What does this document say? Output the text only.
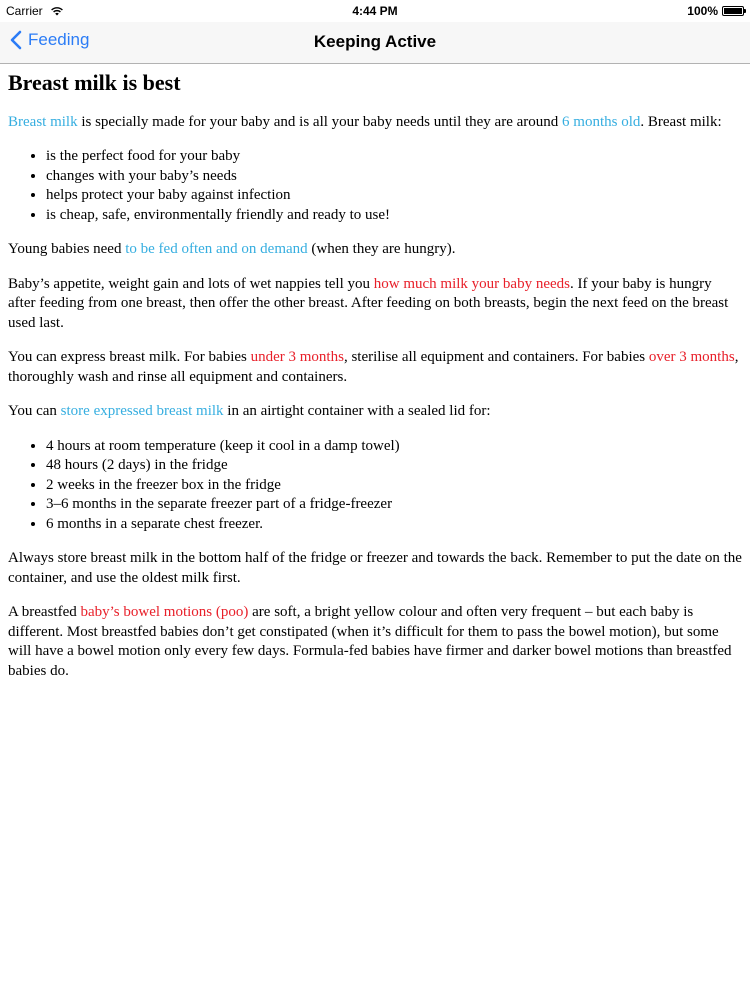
Carrier	4:44 PM	100%
Feeding	Keeping Active
Breast milk is best

Breast milk is specially made for your baby and is all your baby needs until they are around 6 months old. Breast milk:

• is the perfect food for your baby
• changes with your baby’s needs
• helps protect your baby against infection
• is cheap, safe, environmentally friendly and ready to use!

Young babies need to be fed often and on demand (when they are hungry).

Baby’s appetite, weight gain and lots of wet nappies tell you how much milk your baby needs. If your baby is hungry after feeding from one breast, then offer the other breast. After feeding on both breasts, begin the next feed on the breast used last.

You can express breast milk. For babies under 3 months, sterilise all equipment and containers. For babies over 3 months, thoroughly wash and rinse all equipment and containers.

You can store expressed breast milk in an airtight container with a sealed lid for:

• 4 hours at room temperature (keep it cool in a damp towel)
• 48 hours (2 days) in the fridge
• 2 weeks in the freezer box in the fridge
• 3–6 months in the separate freezer part of a fridge-freezer
• 6 months in a separate chest freezer.

Always store breast milk in the bottom half of the fridge or freezer and towards the back. Remember to put the date on the container, and use the oldest milk first.

A breastfed baby’s bowel motions (poo) are soft, a bright yellow colour and often very frequent – but each baby is different. Most breastfed babies don’t get constipated (when it’s difficult for them to pass the bowel motion), but some will have a bowel motion only every few days. Formula-fed babies have firmer and darker bowel motions than breastfed babies do.
